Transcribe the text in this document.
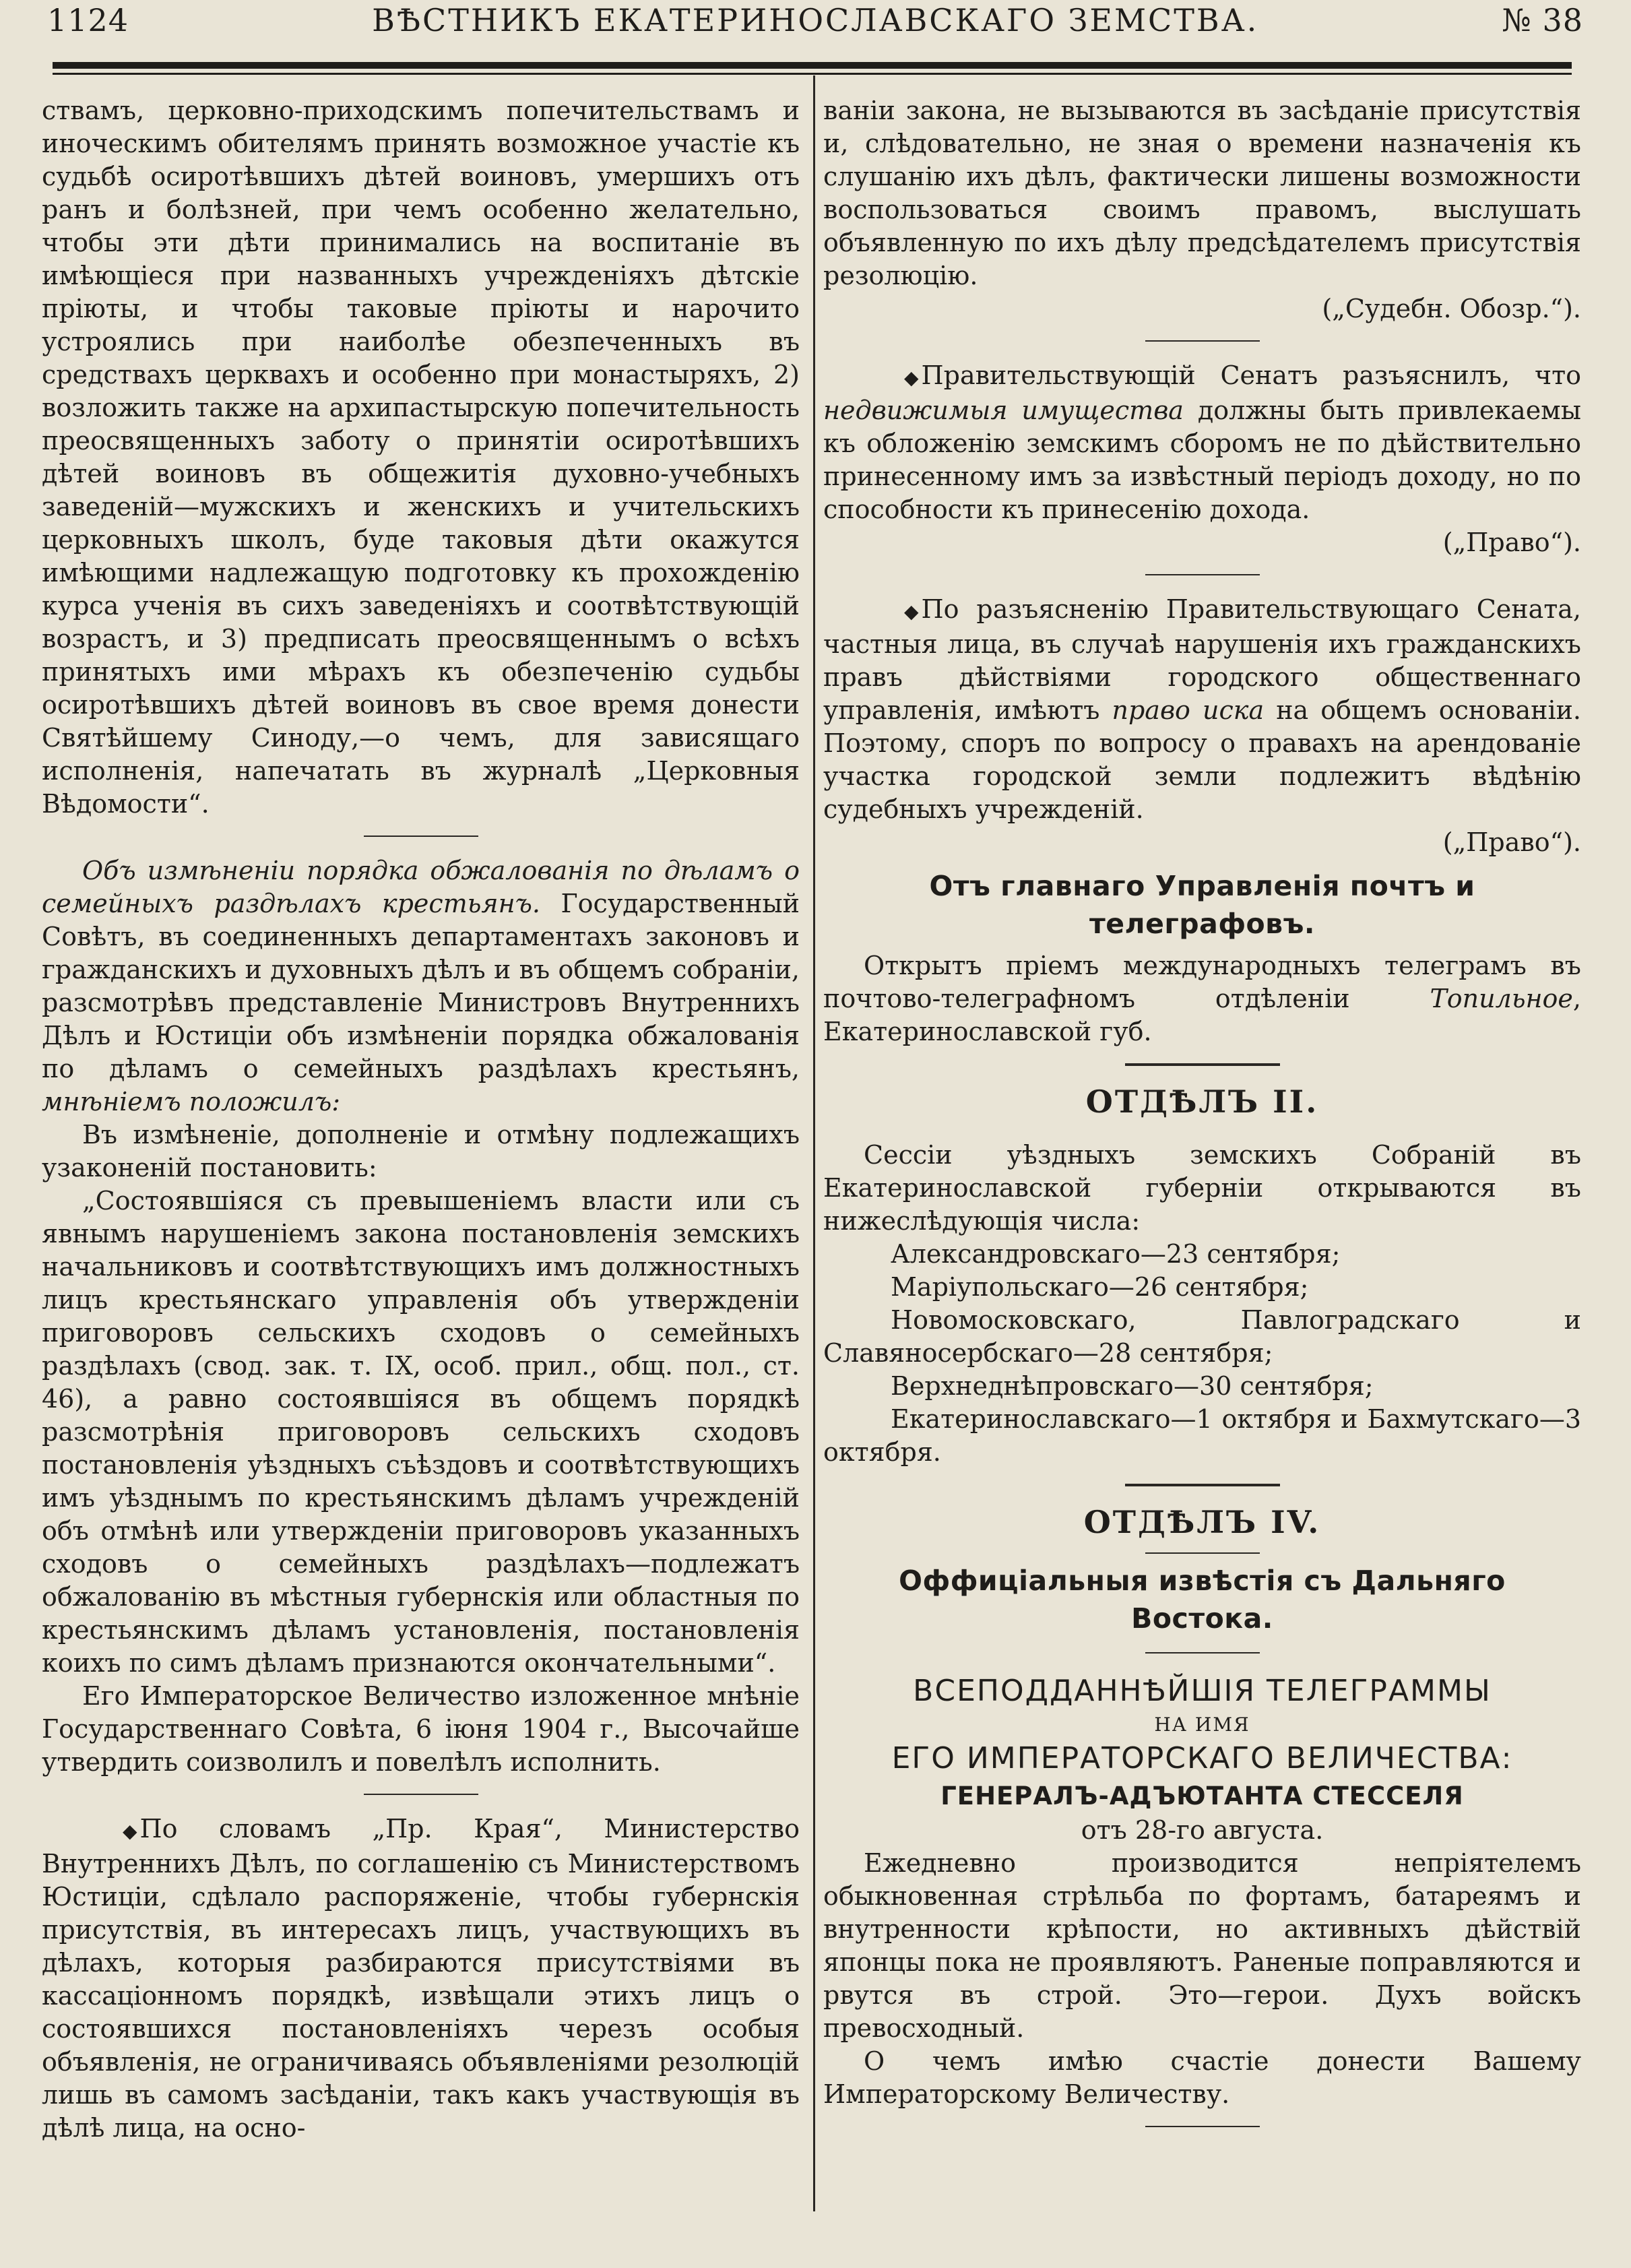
1124	ВѢСТНИКЪ ЕКАТЕРИНОСЛАВСКАГО ЗЕМСТВА.	№ 38

ствамъ, церковно-приходскимъ попечительствамъ и иноческимъ обителямъ принять возможное участіе къ судьбѣ осиротѣвшихъ дѣтей воиновъ, умершихъ отъ ранъ и болѣзней, при чемъ особенно желательно, чтобы эти дѣти принимались на воспитаніе въ имѣющіеся при названныхъ учрежденіяхъ дѣтскіе пріюты, и чтобы таковые пріюты и нарочито устроялись при наиболѣе обезпеченныхъ въ средствахъ церквахъ и особенно при монастыряхъ, 2) возложить также на архипастырскую попечительность преосвященныхъ заботу о принятіи осиротѣвшихъ дѣтей воиновъ въ общежитія духовно-учебныхъ заведеній—мужскихъ и женскихъ и учительскихъ церковныхъ школъ, буде таковыя дѣти окажутся имѣющими надлежащую подготовку къ прохожденію курса ученія въ сихъ заведеніяхъ и соотвѣтствующій возрастъ, и 3) предписать преосвященнымъ о всѣхъ принятыхъ ими мѣрахъ къ обезпеченію судьбы осиротѣвшихъ дѣтей воиновъ въ свое время донести Святѣйшему Синоду,—о чемъ, для зависящаго исполненія, напечатать въ журналѣ „Церковныя Вѣдомости“.

Объ измѣненіи порядка обжалованія по дѣламъ о семейныхъ раздѣлахъ крестьянъ. Государственный Совѣтъ, въ соединенныхъ департаментахъ законовъ и гражданскихъ и духовныхъ дѣлъ и въ общемъ собраніи, разсмотрѣвъ представленіе Министровъ Внутреннихъ Дѣлъ и Юстиціи объ измѣненіи порядка обжалованія по дѣламъ о семейныхъ раздѣлахъ крестьянъ, мнѣніемъ положилъ:

Въ измѣненіе, дополненіе и отмѣну подлежащихъ узаконеній постановить:

„Состоявшіяся съ превышеніемъ власти или съ явнымъ нарушеніемъ закона постановленія земскихъ начальниковъ и соотвѣтствующихъ имъ должностныхъ лицъ крестьянскаго управленія объ утвержденіи приговоровъ сельскихъ сходовъ о семейныхъ раздѣлахъ (свод. зак. т. IX, особ. прил., общ. пол., ст. 46), а равно состоявшіяся въ общемъ порядкѣ разсмотрѣнія приговоровъ сельскихъ сходовъ постановленія уѣздныхъ съѣздовъ и соотвѣтствующихъ имъ уѣзднымъ по крестьянскимъ дѣламъ учрежденій объ отмѣнѣ или утвержденіи приговоровъ указанныхъ сходовъ о семейныхъ раздѣлахъ—подлежатъ обжалованію въ мѣстныя губернскія или областныя по крестьянскимъ дѣламъ установленія, постановленія коихъ по симъ дѣламъ признаются окончательными“.

Его Императорское Величество изложенное мнѣніе Государственнаго Совѣта, 6 іюня 1904 г., Высочайше утвердить соизволилъ и повелѣлъ исполнить.

◆ По словамъ „Пр. Края“, Министерство Внутреннихъ Дѣлъ, по соглашенію съ Министерствомъ Юстиціи, сдѣлало распоряженіе, чтобы губернскія присутствія, въ интересахъ лицъ, участвующихъ въ дѣлахъ, которыя разбираются присутствіями въ кассаціонномъ порядкѣ, извѣщали этихъ лицъ о состоявшихся постановленіяхъ черезъ особыя объявленія, не ограничиваясь объявленіями резолюцій лишь въ самомъ засѣданіи, такъ какъ участвующія въ дѣлѣ лица, на осно-

ваніи закона, не вызываются въ засѣданіе присутствія и, слѣдовательно, не зная о времени назначенія къ слушанію ихъ дѣлъ, фактически лишены возможности воспользоваться своимъ правомъ, выслушать объявленную по ихъ дѣлу предсѣдателемъ присутствія резолюцію.

(„Судебн. Обозр.“).

◆ Правительствующій Сенатъ разъяснилъ, что недвижимыя имущества должны быть привлекаемы къ обложенію земскимъ сборомъ не по дѣйствительно принесенному имъ за извѣстный періодъ доходу, но по способности къ принесенію дохода.

(„Право“).

◆ По разъясненію Правительствующаго Сената, частныя лица, въ случаѣ нарушенія ихъ гражданскихъ правъ дѣйствіями городского общественнаго управленія, имѣютъ право иска на общемъ основаніи. Поэтому, споръ по вопросу о правахъ на арендованіе участка городской земли подлежитъ вѣдѣнію судебныхъ учрежденій.

(„Право“).

Отъ главнаго Управленія почтъ и телеграфовъ.

Открытъ пріемъ международныхъ телеграмъ въ почтово-телеграфномъ отдѣленіи Топильное, Екатеринославской губ.

ОТДѢЛЪ II.

Сессіи уѣздныхъ земскихъ Собраній въ Екатеринославской губерніи открываются въ нижеслѣдующія числа:

Александровскаго—23 сентября;

Маріупольскаго—26 сентября;

Новомосковскаго, Павлоградскаго и Славяносербскаго—28 сентября;

Верхнеднѣпровскаго—30 сентября;

Екатеринославскаго—1 октября и Бахмутскаго—3 октября.

ОТДѢЛЪ IV.
Оффиціальныя извѣстія съ Дальняго Востока.

ВСЕПОДДАННѢЙШІЯ ТЕЛЕГРАММЫ

НА ИМЯ

ЕГО ИМПЕРАТОРСКАГО ВЕЛИЧЕСТВА:

ГЕНЕРАЛЪ-АДЪЮТАНТА СТЕССЕЛЯ

отъ 28-го августа.

Ежедневно производится непріятелемъ обыкновенная стрѣльба по фортамъ, батареямъ и внутренности крѣпости, но активныхъ дѣйствій японцы пока не проявляютъ. Раненые поправляются и рвутся въ строй. Это—герои. Духъ войскъ превосходный.

О чемъ имѣю счастіе донести Вашему Императорскому Величеству.
